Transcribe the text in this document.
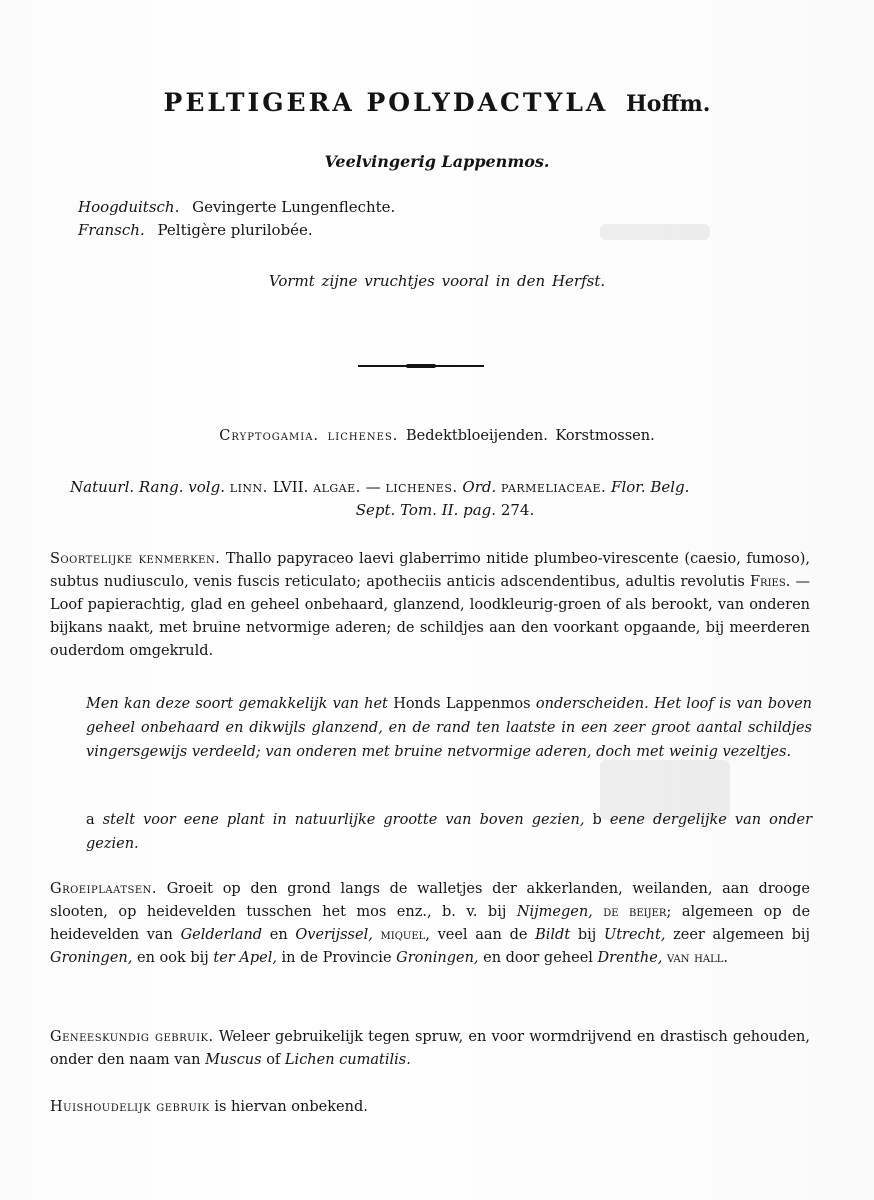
PELTIGERA POLYDACTYLA Hoffm.
Veelvingerig Lappenmos.
Hoogduitsch. Gevingerte Lungenflechte.
Fransch. Peltigère plurilobée.
Vormt zijne vruchtjes vooral in den Herfst.
Cryptogamia. lichenes. Bedektbloeijenden. Korstmossen.
Natuurl. Rang. volg. linn. LVII. algae. — lichenes. Ord. parmeliaceae. Flor. Belg.
Sept. Tom. II. pag. 274.
Soortelijke kenmerken. Thallo papyraceo laevi glaberrimo nitide plumbeo-virescente (caesio, fumoso), subtus nudiusculo, venis fuscis reticulato; apotheciis anticis adscendentibus, adultis revolutis Fries. — Loof papierachtig, glad en geheel onbehaard, glanzend, loodkleurig-groen of als berookt, van onderen bijkans naakt, met bruine netvormige aderen; de schildjes aan den voorkant opgaande, bij meerderen ouderdom omgekruld.
Men kan deze soort gemakkelijk van het Honds Lappenmos onderscheiden. Het loof is van boven geheel onbehaard en dikwijls glanzend, en de rand ten laatste in een zeer groot aantal schildjes vingersgewijs verdeeld; van onderen met bruine netvormige aderen, doch met weinig vezeltjes.
a stelt voor eene plant in natuurlijke grootte van boven gezien, b eene dergelijke van onder gezien.
Groeiplaatsen. Groeit op den grond langs de walletjes der akkerlanden, weilanden, aan drooge slooten, op heidevelden tusschen het mos enz., b. v. bij Nijmegen, de beijer; algemeen op de heidevelden van Gelderland en Overijssel, miquel, veel aan de Bildt bij Utrecht, zeer algemeen bij Groningen, en ook bij ter Apel, in de Provincie Groningen, en door geheel Drenthe, van hall.
Geneeskundig gebruik. Weleer gebruikelijk tegen spruw, en voor wormdrijvend en drastisch gehouden, onder den naam van Muscus of Lichen cumatilis.
Huishoudelijk gebruik is hiervan onbekend.
